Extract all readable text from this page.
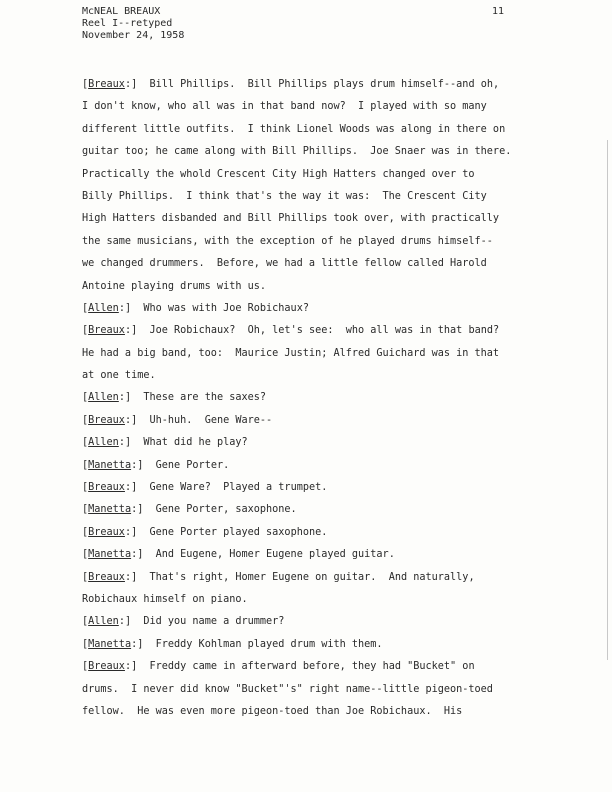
McNEAL BREAUX
Reel I--retyped
November 24, 1958
11
[Breaux:]  Bill Phillips.  Bill Phillips plays drum himself--and oh,
I don't know, who all was in that band now?  I played with so many
different little outfits.  I think Lionel Woods was along in there on
guitar too; he came along with Bill Phillips.  Joe Snaer was in there.
Practically the whold Crescent City High Hatters changed over to
Billy Phillips.  I think that's the way it was:  The Crescent City
High Hatters disbanded and Bill Phillips took over, with practically
the same musicians, with the exception of he played drums himself--
we changed drummers.  Before, we had a little fellow called Harold
Antoine playing drums with us.
[Allen:]  Who was with Joe Robichaux?
[Breaux:]  Joe Robichaux?  Oh, let's see:  who all was in that band?
He had a big band, too:  Maurice Justin; Alfred Guichard was in that
at one time.
[Allen:]  These are the saxes?
[Breaux:]  Uh-huh.  Gene Ware--
[Allen:]  What did he play?
[Manetta:]  Gene Porter.
[Breaux:]  Gene Ware?  Played a trumpet.
[Manetta:]  Gene Porter, saxophone.
[Breaux:]  Gene Porter played saxophone.
[Manetta:]  And Eugene, Homer Eugene played guitar.
[Breaux:]  That's right, Homer Eugene on guitar.  And naturally,
Robichaux himself on piano.
[Allen:]  Did you name a drummer?
[Manetta:]  Freddy Kohlman played drum with them.
[Breaux:]  Freddy came in afterward before, they had "Bucket" on
drums.  I never did know "Bucket"'s" right name--little pigeon-toed
fellow.  He was even more pigeon-toed than Joe Robichaux.  His
